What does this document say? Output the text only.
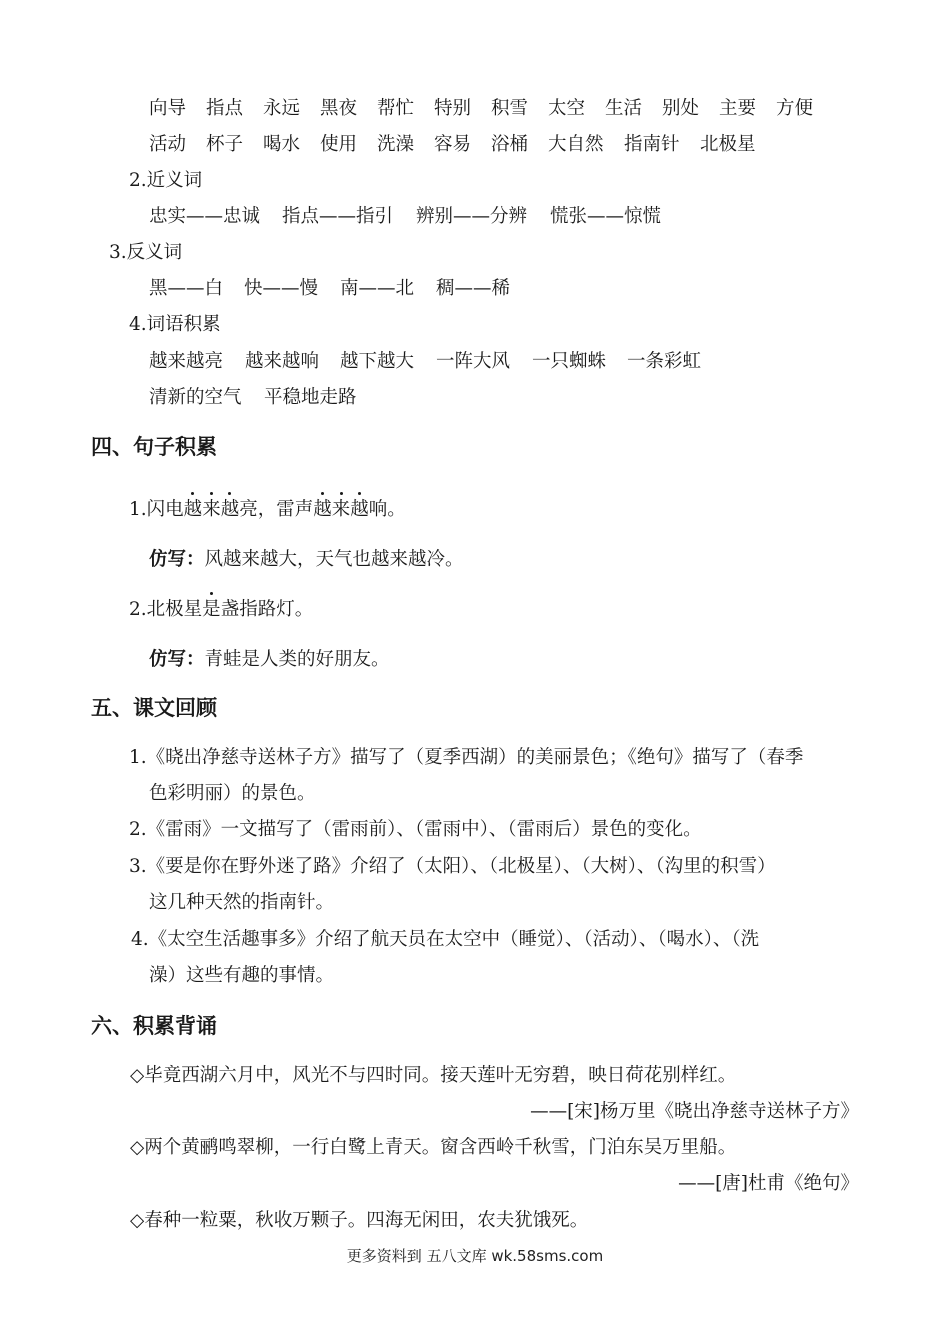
向导 指点 永远 黑夜 帮忙 特别 积雪 太空 生活 别处 主要 方便
活动 杯子 喝水 使用 洗澡 容易 浴桶 大自然 指南针 北极星
2.近义词
忠实——忠诚 指点——指引 辨别——分辨 慌张——惊慌
3.反义词
黑——白 快——慢 南——北 稠——稀
4.词语积累
越来越亮 越来越响 越下越大 一阵大风 一只蜘蛛 一条彩虹
清新的空气 平稳地走路
四、句子积累
1.闪电越来越亮，雷声越来越响。
仿写：风越来越大，天气也越来越冷。
2.北极星是盏指路灯。
仿写：青蛙是人类的好朋友。
五、课文回顾
1.《晓出净慈寺送林子方》描写了（夏季西湖）的美丽景色；《绝句》描写了（春季
色彩明丽）的景色。
2.《雷雨》一文描写了（雷雨前）、（雷雨中）、（雷雨后）景色的变化。
3.《要是你在野外迷了路》介绍了（太阳）、（北极星）、（大树）、（沟里的积雪）
这几种天然的指南针。
4.《太空生活趣事多》介绍了航天员在太空中（睡觉）、（活动）、（喝水）、（洗
澡）这些有趣的事情。
六、积累背诵
◇毕竟西湖六月中，风光不与四时同。接天莲叶无穷碧，映日荷花别样红。
——[宋]杨万里《晓出净慈寺送林子方》
◇两个黄鹂鸣翠柳，一行白鹭上青天。窗含西岭千秋雪，门泊东吴万里船。
——[唐]杜甫《绝句》
◇春种一粒粟，秋收万颗子。四海无闲田，农夫犹饿死。
更多资料到 五八文库 wk.58sms.com
